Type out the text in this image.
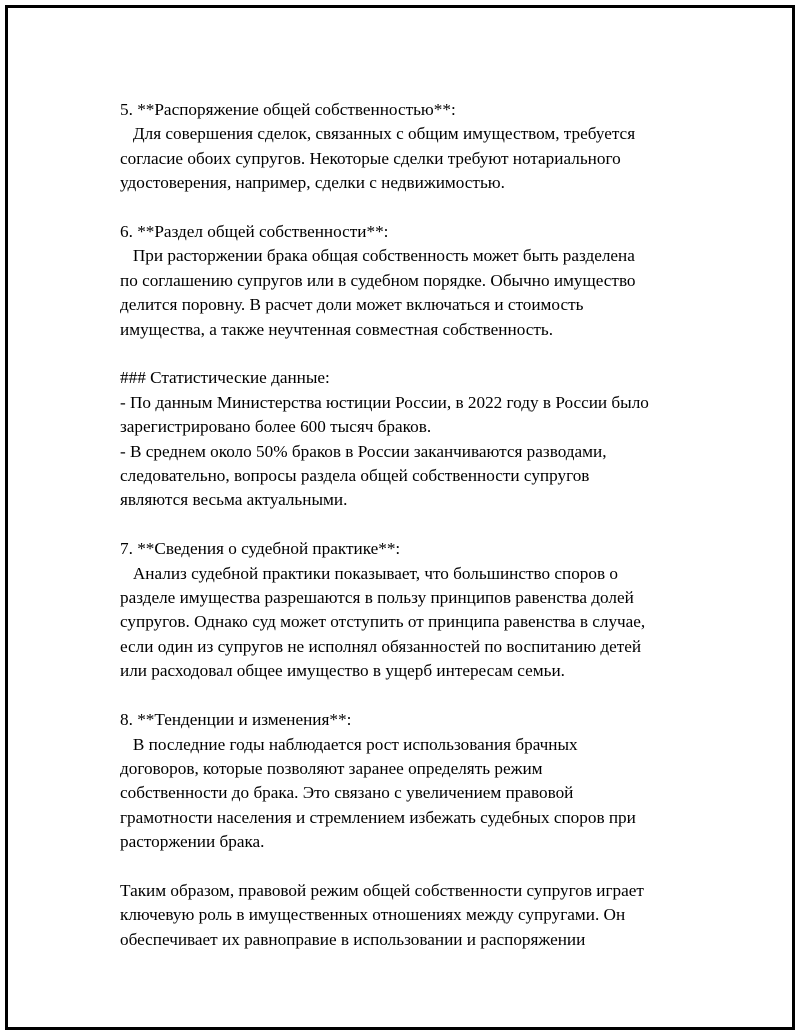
5. **Распоряжение общей собственностью**:
Для совершения сделок, связанных с общим имуществом, требуется
согласие обоих супругов. Некоторые сделки требуют нотариального
удостоверения, например, сделки с недвижимостью.
6. **Раздел общей собственности**:
При расторжении брака общая собственность может быть разделена
по соглашению супругов или в судебном порядке. Обычно имущество
делится поровну. В расчет доли может включаться и стоимость
имущества, а также неучтенная совместная собственность.
### Статистические данные:
- По данным Министерства юстиции России, в 2022 году в России было
зарегистрировано более 600 тысяч браков.
- В среднем около 50% браков в России заканчиваются разводами,
следовательно, вопросы раздела общей собственности супругов
являются весьма актуальными.
7. **Сведения о судебной практике**:
Анализ судебной практики показывает, что большинство споров о
разделе имущества разрешаются в пользу принципов равенства долей
супругов. Однако суд может отступить от принципа равенства в случае,
если один из супругов не исполнял обязанностей по воспитанию детей
или расходовал общее имущество в ущерб интересам семьи.
8. **Тенденции и изменения**:
В последние годы наблюдается рост использования брачных
договоров, которые позволяют заранее определять режим
собственности до брака. Это связано с увеличением правовой
грамотности населения и стремлением избежать судебных споров при
расторжении брака.
Таким образом, правовой режим общей собственности супругов играет
ключевую роль в имущественных отношениях между супругами. Он
обеспечивает их равноправие в использовании и распоряжении
